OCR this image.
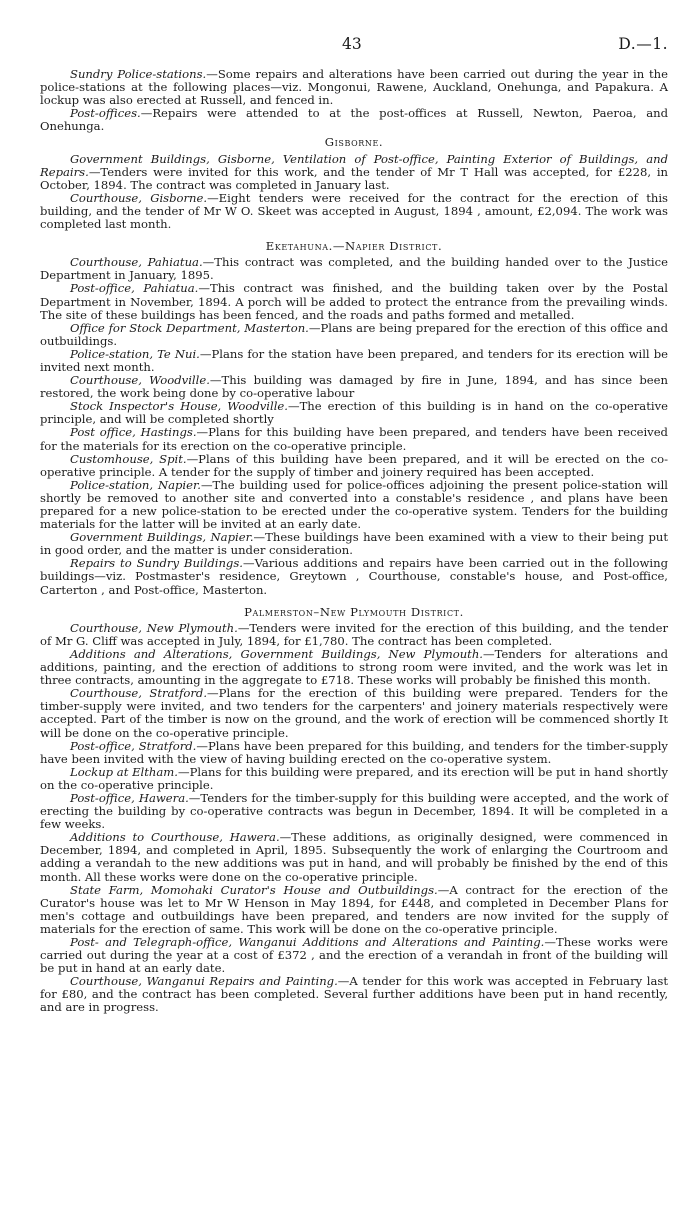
43	D.—1.

Sundry Police-stations.—Some repairs and alterations have been carried out during the year in the police-stations at the following places—viz. Mongonui, Rawene, Auckland, Onehunga, and Papakura. A lockup was also erected at Russell, and fenced in.

Post-offices.—Repairs were attended to at the post-offices at Russell, Newton, Paeroa, and Onehunga.

Gisborne.

Government Buildings, Gisborne, Ventilation of Post-office, Painting Exterior of Buildings, and Repairs.—Tenders were invited for this work, and the tender of Mr T Hall was accepted, for £228, in October, 1894. The contract was completed in January last.

Courthouse, Gisborne.—Eight tenders were received for the contract for the erection of this building, and the tender of Mr W O. Skeet was accepted in August, 1894 , amount, £2,094. The work was completed last month.

Eketahuna.—Napier District.

Courthouse, Pahiatua.—This contract was completed, and the building handed over to the Justice Department in January, 1895.

Post-office, Pahiatua.—This contract was finished, and the building taken over by the Postal Department in November, 1894. A porch will be added to protect the entrance from the prevailing winds. The site of these buildings has been fenced, and the roads and paths formed and metalled.

Office for Stock Department, Masterton.—Plans are being prepared for the erection of this office and outbuildings.

Police-station, Te Nui.—Plans for the station have been prepared, and tenders for its erection will be invited next month.

Courthouse, Woodville.—This building was damaged by fire in June, 1894, and has since been restored, the work being done by co-operative labour

Stock Inspector's House, Woodville.—The erection of this building is in hand on the co-operative principle, and will be completed shortly

Post office, Hastings.—Plans for this building have been prepared, and tenders have been received for the materials for its erection on the co-operative principle.

Customhouse, Spit.—Plans of this building have been prepared, and it will be erected on the co-operative principle. A tender for the supply of timber and joinery required has been accepted.

Police-station, Napier.—The building used for police-offices adjoining the present police-station will shortly be removed to another site and converted into a constable's residence , and plans have been prepared for a new police-station to be erected under the co-operative system. Tenders for the building materials for the latter will be invited at an early date.

Government Buildings, Napier.—These buildings have been examined with a view to their being put in good order, and the matter is under consideration.

Repairs to Sundry Buildings.—Various additions and repairs have been carried out in the following buildings—viz. Postmaster's residence, Greytown , Courthouse, constable's house, and Post-office, Carterton , and Post-office, Masterton.

Palmerston–New Plymouth District.

Courthouse, New Plymouth.—Tenders were invited for the erection of this building, and the tender of Mr G. Cliff was accepted in July, 1894, for £1,780. The contract has been completed.

Additions and Alterations, Government Buildings, New Plymouth.—Tenders for alterations and additions, painting, and the erection of additions to strong room were invited, and the work was let in three contracts, amounting in the aggregate to £718. These works will probably be finished this month.

Courthouse, Stratford.—Plans for the erection of this building were prepared. Tenders for the timber-supply were invited, and two tenders for the carpenters' and joinery materials respectively were accepted. Part of the timber is now on the ground, and the work of erection will be commenced shortly It will be done on the co-operative principle.

Post-office, Stratford.—Plans have been prepared for this building, and tenders for the timber-supply have been invited with the view of having building erected on the co-operative system.

Lockup at Eltham.—Plans for this building were prepared, and its erection will be put in hand shortly on the co-operative principle.

Post-office, Hawera.—Tenders for the timber-supply for this building were accepted, and the work of erecting the building by co-operative contracts was begun in December, 1894. It will be completed in a few weeks.

Additions to Courthouse, Hawera.—These additions, as originally designed, were commenced in December, 1894, and completed in April, 1895. Subsequently the work of enlarging the Courtroom and adding a verandah to the new additions was put in hand, and will probably be finished by the end of this month. All these works were done on the co-operative principle.

State Farm, Momohaki Curator's House and Outbuildings.—A contract for the erection of the Curator's house was let to Mr W Henson in May 1894, for £448, and completed in December Plans for men's cottage and outbuildings have been prepared, and tenders are now invited for the supply of materials for the erection of same. This work will be done on the co-operative principle.

Post- and Telegraph-office, Wanganui Additions and Alterations and Painting.—These works were carried out during the year at a cost of £372 , and the erection of a verandah in front of the building will be put in hand at an early date.

Courthouse, Wanganui Repairs and Painting.—A tender for this work was accepted in February last for £80, and the contract has been completed. Several further additions have been put in hand recently, and are in progress.
